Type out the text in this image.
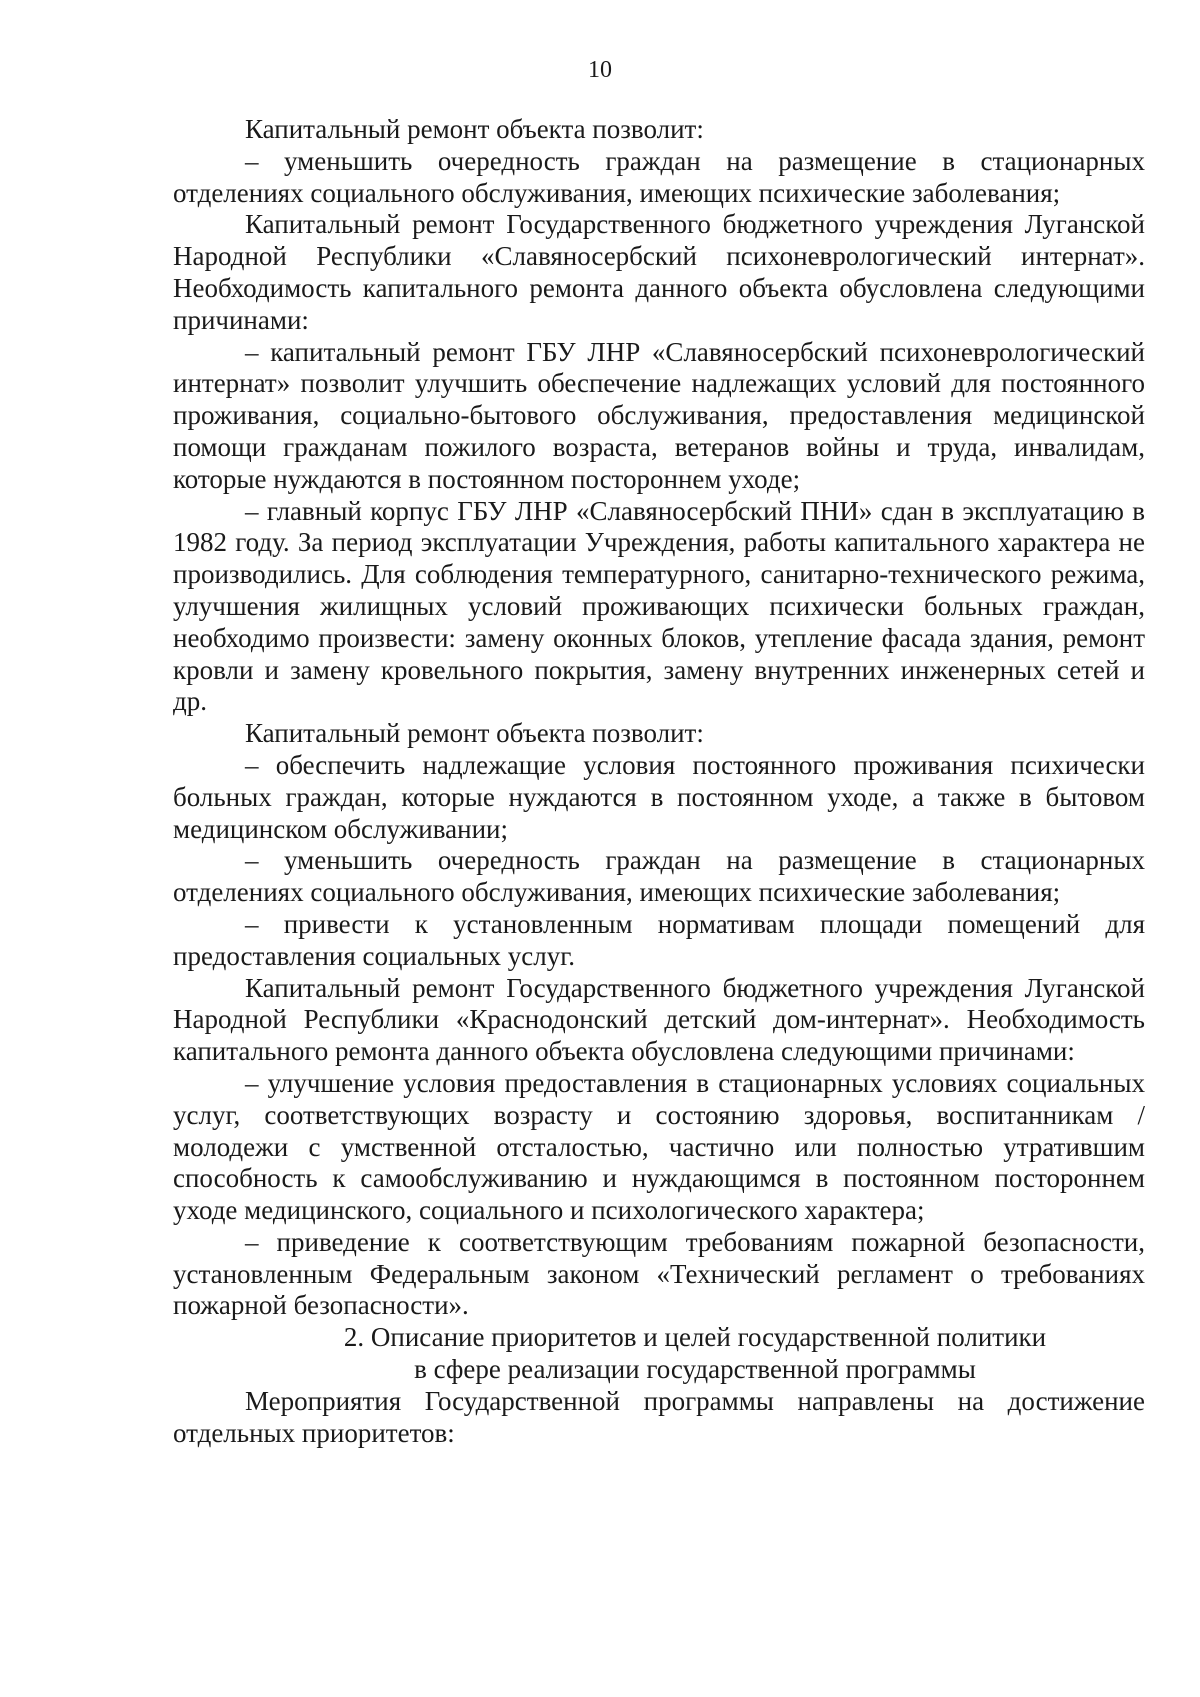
10

Капитальный ремонт объекта позволит:

– уменьшить очередность граждан на размещение в стационарных отделениях социального обслуживания, имеющих психические заболевания;

Капитальный ремонт Государственного бюджетного учреждения Луганской Народной Республики «Славяносербский психоневрологический интернат». Необходимость капитального ремонта данного объекта обусловлена следующими причинами:

– капитальный ремонт ГБУ ЛНР «Славяносербский психоневрологический интернат» позволит улучшить обеспечение надлежащих условий для постоянного проживания, социально-бытового обслуживания, предоставления медицинской помощи гражданам пожилого возраста, ветеранов войны и труда, инвалидам, которые нуждаются в постоянном постороннем уходе;

– главный корпус ГБУ ЛНР «Славяносербский ПНИ» сдан в эксплуатацию в 1982 году. За период эксплуатации Учреждения, работы капитального характера не производились. Для соблюдения температурного, санитарно-технического режима, улучшения жилищных условий проживающих психически больных граждан, необходимо произвести: замену оконных блоков, утепление фасада здания, ремонт кровли и замену кровельного покрытия, замену внутренних инженерных сетей и др.

Капитальный ремонт объекта позволит:

– обеспечить надлежащие условия постоянного проживания психически больных граждан, которые нуждаются в постоянном уходе, а также в бытовом медицинском обслуживании;

– уменьшить очередность граждан на размещение в стационарных отделениях социального обслуживания, имеющих психические заболевания;

– привести к установленным нормативам площади помещений для предоставления социальных услуг.

Капитальный ремонт Государственного бюджетного учреждения Луганской Народной Республики «Краснодонский детский дом-интернат». Необходимость капитального ремонта данного объекта обусловлена следующими причинами:

– улучшение условия предоставления в стационарных условиях социальных услуг, соответствующих возрасту и состоянию здоровья, воспитанникам / молодежи с умственной отсталостью, частично или полностью утратившим способность к самообслуживанию и нуждающимся в постоянном постороннем уходе медицинского, социального и психологического характера;

– приведение к соответствующим требованиям пожарной безопасности, установленным Федеральным законом «Технический регламент о требованиях пожарной безопасности».

2. Описание приоритетов и целей государственной политики
в сфере реализации государственной программы

Мероприятия Государственной программы направлены на достижение отдельных приоритетов:
